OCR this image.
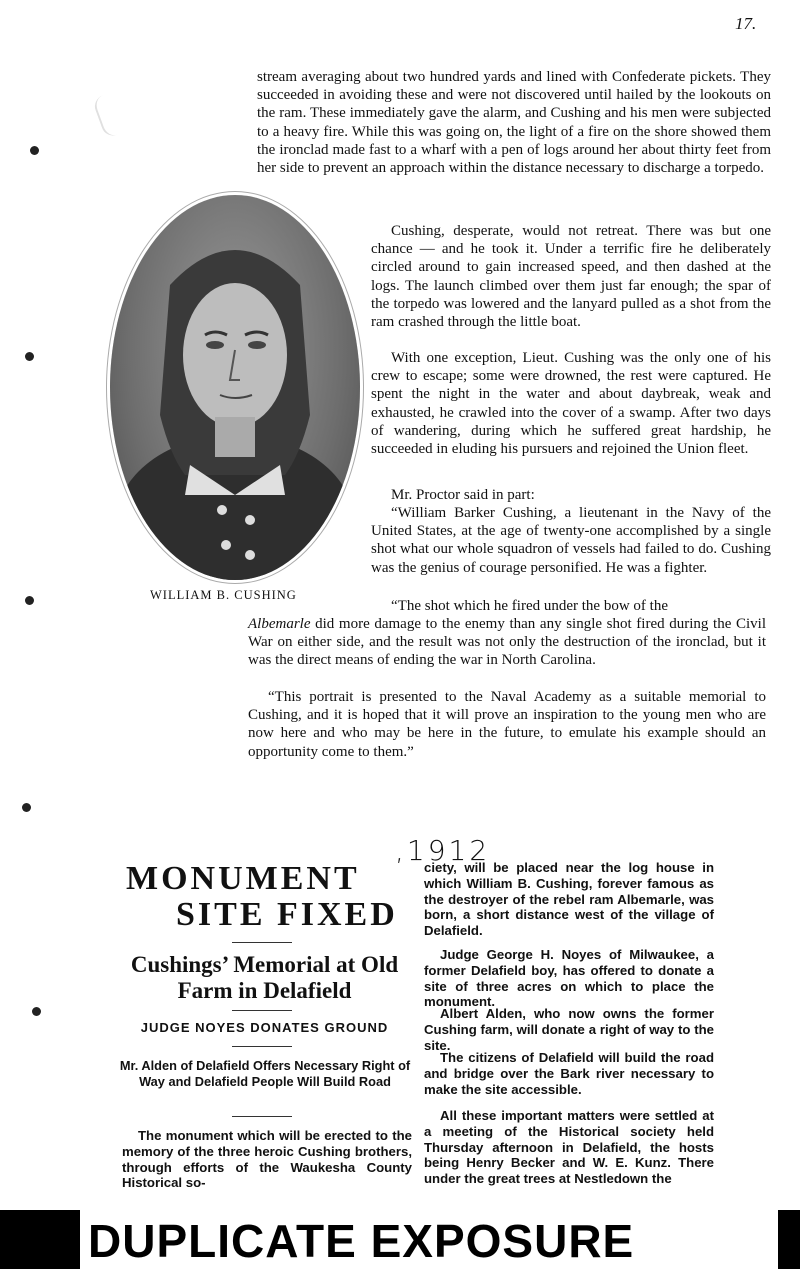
17.

stream averaging about two hundred yards and lined with Confederate pickets. They succeeded in avoiding these and were not discovered until hailed by the lookouts on the ram. These immediately gave the alarm, and Cushing and his men were subjected to a heavy fire. While this was going on, the light of a fire on the shore showed them the ironclad made fast to a wharf with a pen of logs around her about thirty feet from her side to prevent an approach within the distance necessary to discharge a torpedo.

Cushing, desperate, would not retreat. There was but one chance — and he took it. Under a terrific fire he deliberately circled around to gain increased speed, and then dashed at the logs. The launch climbed over them just far enough; the spar of the torpedo was lowered and the lanyard pulled as a shot from the ram crashed through the little boat.

With one exception, Lieut. Cushing was the only one of his crew to escape; some were drowned, the rest were captured. He spent the night in the water and about daybreak, weak and exhausted, he crawled into the cover of a swamp. After two days of wandering, during which he suffered great hardship, he succeeded in eluding his pursuers and rejoined the Union fleet.

Mr. Proctor said in part:

“William Barker Cushing, a lieutenant in the Navy of the United States, at the age of twenty-one accomplished by a single shot what our whole squadron of vessels had failed to do. Cushing was the genius of courage personified. He was a fighter.

WILLIAM B. CUSHING

“The shot which he fired under the bow of the

Albemarle did more damage to the enemy than any single shot fired during the Civil War on either side, and the result was not only the destruction of the ironclad, but it was the direct means of ending the war in North Carolina.

“This portrait is presented to the Naval Academy as a suitable memorial to Cushing, and it is hoped that it will prove an inspiration to the young men who are now here and who may be here in the future, to emulate his example should an opportunity come to them.”

,1912
MONUMENT
SITE FIXED
Cushings’ Memorial at Old Farm in Delafield
JUDGE NOYES DONATES GROUND
Mr. Alden of Delafield Offers Necessary Right of Way and Delafield People Will Build Road

The monument which will be erected to the memory of the three heroic Cushing brothers, through efforts of the Waukesha County Historical so-

ciety, will be placed near the log house in which William B. Cushing, forever famous as the destroyer of the rebel ram Albemarle, was born, a short distance west of the village of Delafield.

Judge George H. Noyes of Milwaukee, a former Delafield boy, has offered to donate a site of three acres on which to place the monument.

Albert Alden, who now owns the former Cushing farm, will donate a right of way to the site.

The citizens of Delafield will build the road and bridge over the Bark river necessary to make the site accessible.

All these important matters were settled at a meeting of the Historical society held Thursday afternoon in Delafield, the hosts being Henry Becker and W. E. Kunz. There under the great trees at Nestledown the

DUPLICATE EXPOSURE
